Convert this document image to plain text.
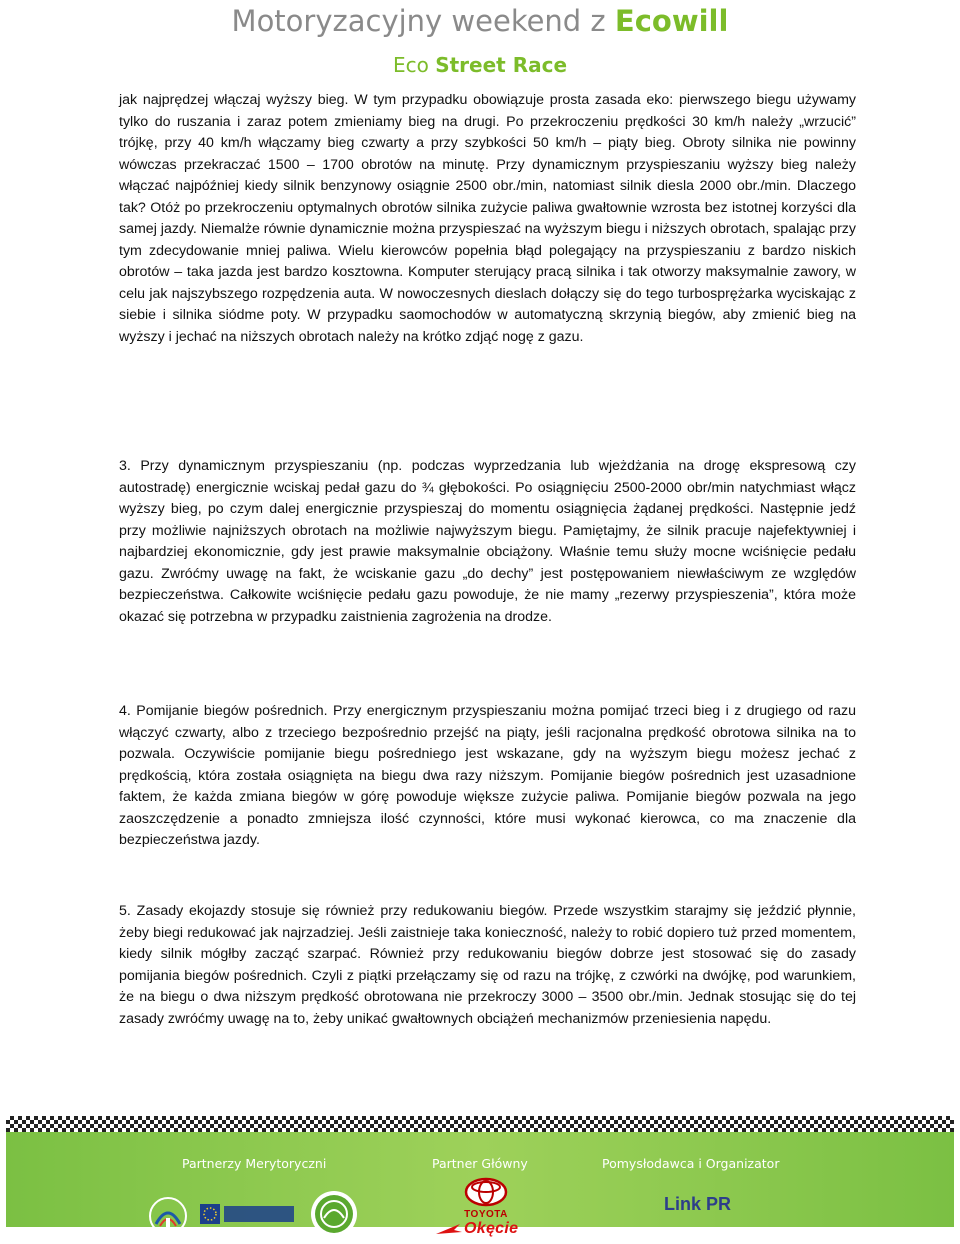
Motoryzacyjny weekend z Ecowill
Eco Street Race

jak najprędzej włączaj wyższy bieg. W tym przypadku obowiązuje prosta zasada eko: pierwszego biegu używamy tylko do ruszania i zaraz potem zmieniamy bieg na drugi. Po przekroczeniu prędkości 30 km/h należy „wrzucić” trójkę, przy 40 km/h włączamy bieg czwarty a przy szybkości 50 km/h – piąty bieg. Obroty silnika nie powinny wówczas przekraczać 1500 – 1700 obrotów na minutę. Przy dynamicznym przyspieszaniu wyższy bieg należy włączać najpóźniej kiedy silnik benzynowy osiągnie 2500 obr./min, natomiast silnik diesla 2000 obr./min. Dlaczego tak? Otóż po przekroczeniu optymalnych obrotów silnika zużycie paliwa gwałtownie wzrosta bez istotnej korzyści dla samej jazdy. Niemalże równie dynamicznie można przyspieszać na wyższym biegu i niższych obrotach, spalając przy tym zdecydowanie mniej paliwa. Wielu kierowców popełnia błąd polegający na przyspieszaniu z bardzo niskich obrotów – taka jazda jest bardzo kosztowna. Komputer sterujący pracą silnika i tak otworzy maksymalnie zawory, w celu jak najszybszego rozpędzenia auta. W nowoczesnych dieslach dołączy się do tego turbosprężarka wyciskając z siebie i silnika siódme poty. W przypadku saomochodów w automatyczną skrzynią biegów, aby zmienić bieg na wyższy i jechać na niższych obrotach należy na krótko zdjąć nogę z gazu.

3. Przy dynamicznym przyspieszaniu (np. podczas wyprzedzania lub wjeżdżania na drogę ekspresową czy autostradę) energicznie wciskaj pedał gazu do ¾ głębokości. Po osiągnięciu 2500-2000 obr/min natychmiast włącz wyższy bieg, po czym dalej energicznie przyspieszaj do momentu osiągnięcia żądanej prędkości. Następnie jedź przy możliwie najniższych obrotach na możliwie najwyższym biegu. Pamiętajmy, że silnik pracuje najefektywniej i najbardziej ekonomicznie, gdy jest prawie maksymalnie obciążony. Właśnie temu służy mocne wciśnięcie pedału gazu. Zwróćmy uwagę na fakt, że wciskanie gazu „do dechy” jest postępowaniem niewłaściwym ze względów bezpieczeństwa. Całkowite wciśnięcie pedału gazu powoduje, że nie mamy „rezerwy przyspieszenia”, która może okazać się potrzebna w przypadku zaistnienia zagrożenia na drodze.

4. Pomijanie biegów pośrednich. Przy energicznym przyspieszaniu można pomijać trzeci bieg i z drugiego od razu włączyć czwarty, albo z trzeciego bezpośrednio przejść na piąty, jeśli racjonalna prędkość obrotowa silnika na to pozwala. Oczywiście pomijanie biegu pośredniego jest wskazane, gdy na wyższym biegu możesz jechać z prędkością, która została osiągnięta na biegu dwa razy niższym. Pomijanie biegów pośrednich jest uzasadnione faktem, że każda zmiana biegów w górę powoduje większe zużycie paliwa. Pomijanie biegów pozwala na jego zaoszczędzenie a ponadto zmniejsza ilość czynności, które musi wykonać kierowca, co ma znaczenie dla bezpieczeństwa jazdy.

5. Zasady ekojazdy stosuje się również przy redukowaniu biegów. Przede wszystkim starajmy się jeździć płynnie, żeby biegi redukować jak najrzadziej. Jeśli zaistnieje taka konieczność, należy to robić dopiero tuż przed momentem, kiedy silnik mógłby zacząć szarpać. Również przy redukowaniu biegów dobrze jest stosować się do zasady pomijania biegów pośrednich. Czyli z piątki przełączamy się od razu na trójkę, z czwórki na dwójkę, pod warunkiem, że na biegu o dwa niższym prędkość obrotowana nie przekroczy 3000 – 3500 obr./min. Jednak stosując się do tej zasady zwróćmy uwagę na to, żeby unikać gwałtownych obciążeń mechanizmów przeniesienia napędu.

Partnerzy Merytoryczni	Partner Główny	Pomysłodawca i Organizator
TOYOTA
Okęcie
Link PR
